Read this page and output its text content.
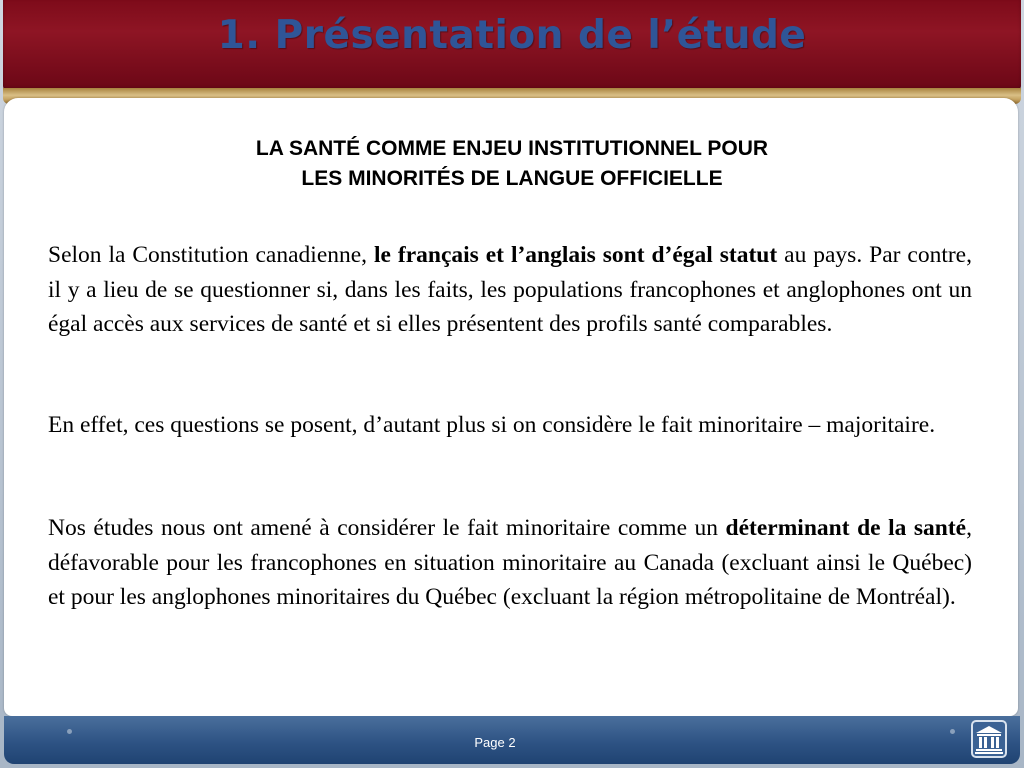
1. Présentation de l’étude
LA SANTÉ COMME ENJEU INSTITUTIONNEL POUR
LES MINORITÉS DE LANGUE OFFICIELLE

Selon la Constitution canadienne, le français et l’anglais sont d’égal statut au pays. Par contre, il y a lieu de se questionner si, dans les faits, les populations francophones et anglophones ont un égal accès aux services de santé et si elles présentent des profils santé comparables.

En effet, ces questions se posent, d’autant plus si on considère le fait minoritaire – majoritaire.

Nos études nous ont amené à considérer le fait minoritaire comme un déterminant de la santé, défavorable pour les francophones en situation minoritaire au Canada (excluant ainsi le Québec) et pour les anglophones minoritaires du Québec (excluant la région métropolitaine de Montréal).

Page 2
